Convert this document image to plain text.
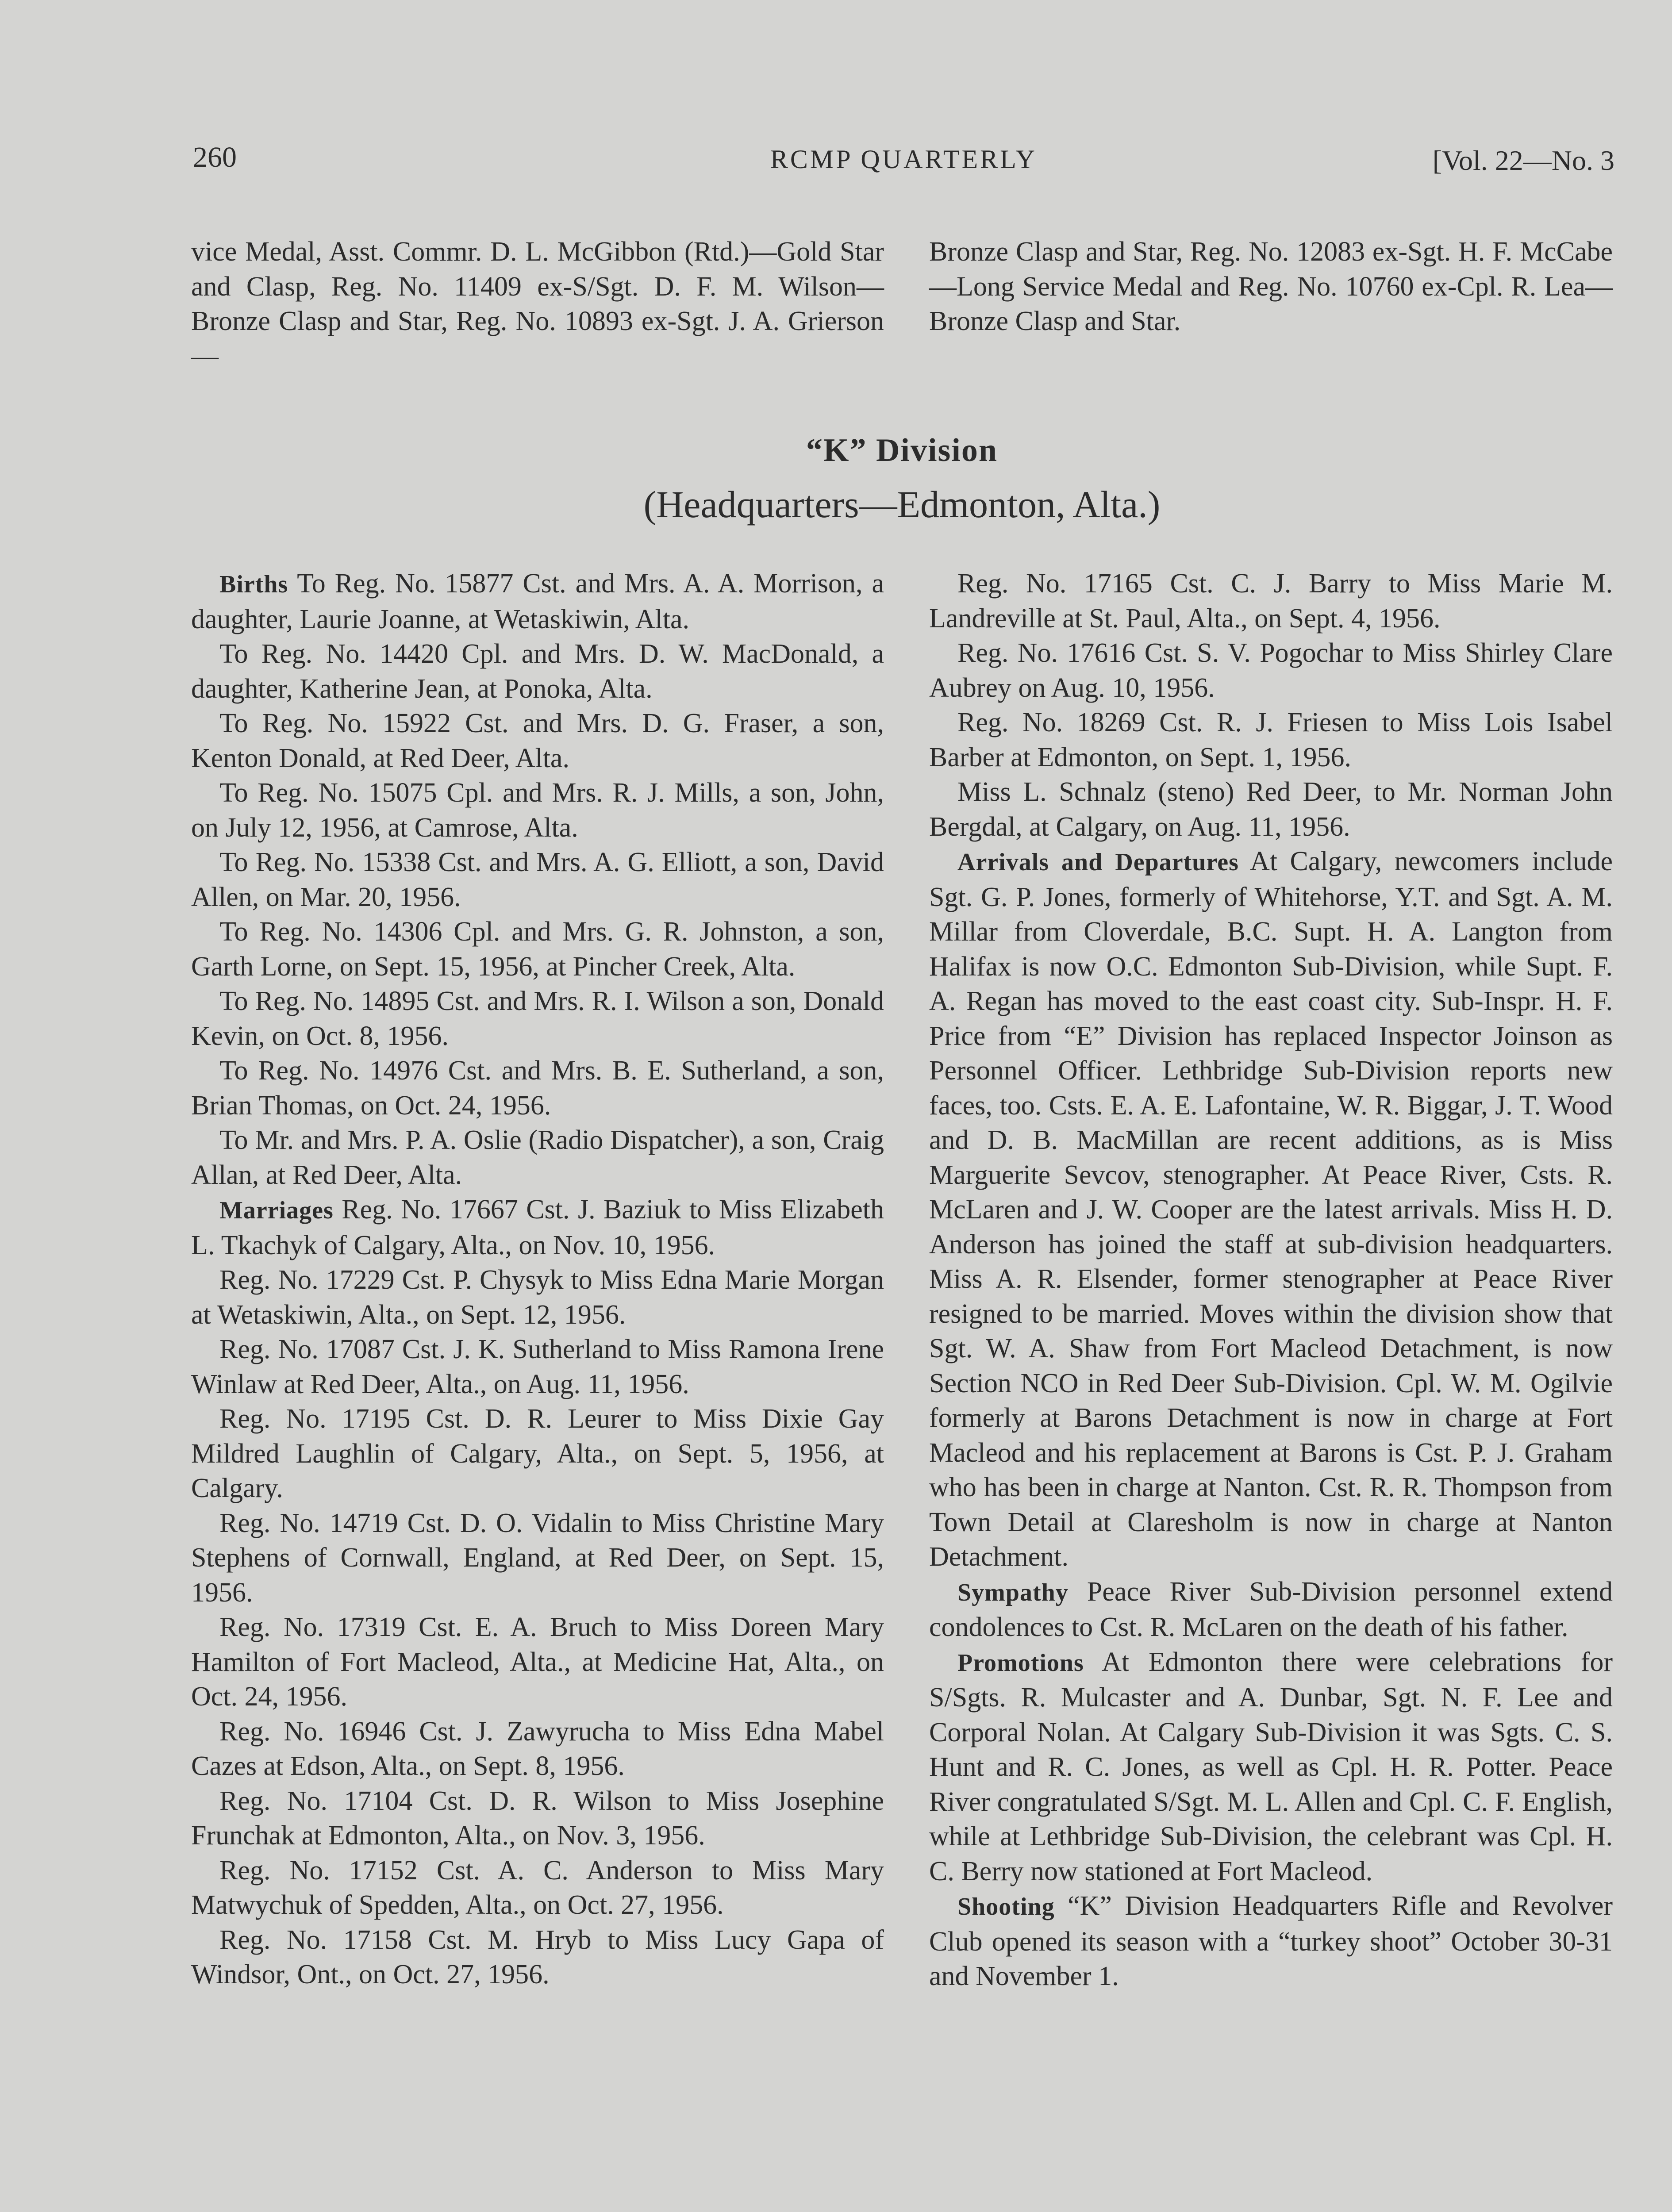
260	RCMP QUARTERLY	[Vol. 22—No. 3

vice Medal, Asst. Commr. D. L. McGibbon (Rtd.)—Gold Star and Clasp, Reg. No. 11409 ex-S/Sgt. D. F. M. Wilson—Bronze Clasp and Star, Reg. No. 10893 ex-Sgt. J. A. Grierson—

Bronze Clasp and Star, Reg. No. 12083 ex-Sgt. H. F. McCabe—Long Service Medal and Reg. No. 10760 ex-Cpl. R. Lea—Bronze Clasp and Star.

“K” Division
(Headquarters—Edmonton, Alta.)

Births To Reg. No. 15877 Cst. and Mrs. A. A. Morrison, a daughter, Laurie Joanne, at Wetaskiwin, Alta.

To Reg. No. 14420 Cpl. and Mrs. D. W. MacDonald, a daughter, Katherine Jean, at Ponoka, Alta.

To Reg. No. 15922 Cst. and Mrs. D. G. Fraser, a son, Kenton Donald, at Red Deer, Alta.

To Reg. No. 15075 Cpl. and Mrs. R. J. Mills, a son, John, on July 12, 1956, at Camrose, Alta.

To Reg. No. 15338 Cst. and Mrs. A. G. Elliott, a son, David Allen, on Mar. 20, 1956.

To Reg. No. 14306 Cpl. and Mrs. G. R. Johnston, a son, Garth Lorne, on Sept. 15, 1956, at Pincher Creek, Alta.

To Reg. No. 14895 Cst. and Mrs. R. I. Wilson a son, Donald Kevin, on Oct. 8, 1956.

To Reg. No. 14976 Cst. and Mrs. B. E. Sutherland, a son, Brian Thomas, on Oct. 24, 1956.

To Mr. and Mrs. P. A. Oslie (Radio Dispatcher), a son, Craig Allan, at Red Deer, Alta.

Marriages Reg. No. 17667 Cst. J. Baziuk to Miss Elizabeth L. Tkachyk of Calgary, Alta., on Nov. 10, 1956.

Reg. No. 17229 Cst. P. Chysyk to Miss Edna Marie Morgan at Wetaskiwin, Alta., on Sept. 12, 1956.

Reg. No. 17087 Cst. J. K. Sutherland to Miss Ramona Irene Winlaw at Red Deer, Alta., on Aug. 11, 1956.

Reg. No. 17195 Cst. D. R. Leurer to Miss Dixie Gay Mildred Laughlin of Calgary, Alta., on Sept. 5, 1956, at Calgary.

Reg. No. 14719 Cst. D. O. Vidalin to Miss Christine Mary Stephens of Cornwall, England, at Red Deer, on Sept. 15, 1956.

Reg. No. 17319 Cst. E. A. Bruch to Miss Doreen Mary Hamilton of Fort Macleod, Alta., at Medicine Hat, Alta., on Oct. 24, 1956.

Reg. No. 16946 Cst. J. Zawyrucha to Miss Edna Mabel Cazes at Edson, Alta., on Sept. 8, 1956.

Reg. No. 17104 Cst. D. R. Wilson to Miss Josephine Frunchak at Edmonton, Alta., on Nov. 3, 1956.

Reg. No. 17152 Cst. A. C. Anderson to Miss Mary Matwychuk of Spedden, Alta., on Oct. 27, 1956.

Reg. No. 17158 Cst. M. Hryb to Miss Lucy Gapa of Windsor, Ont., on Oct. 27, 1956.

Reg. No. 17165 Cst. C. J. Barry to Miss Marie M. Landreville at St. Paul, Alta., on Sept. 4, 1956.

Reg. No. 17616 Cst. S. V. Pogochar to Miss Shirley Clare Aubrey on Aug. 10, 1956.

Reg. No. 18269 Cst. R. J. Friesen to Miss Lois Isabel Barber at Edmonton, on Sept. 1, 1956.

Miss L. Schnalz (steno) Red Deer, to Mr. Norman John Bergdal, at Calgary, on Aug. 11, 1956.

Arrivals and Departures At Calgary, newcomers include Sgt. G. P. Jones, formerly of Whitehorse, Y.T. and Sgt. A. M. Millar from Cloverdale, B.C. Supt. H. A. Langton from Halifax is now O.C. Edmonton Sub-Division, while Supt. F. A. Regan has moved to the east coast city. Sub-Inspr. H. F. Price from “E” Division has replaced Inspector Joinson as Personnel Officer. Lethbridge Sub-Division reports new faces, too. Csts. E. A. E. Lafontaine, W. R. Biggar, J. T. Wood and D. B. MacMillan are recent additions, as is Miss Marguerite Sevcov, stenographer. At Peace River, Csts. R. McLaren and J. W. Cooper are the latest arrivals. Miss H. D. Anderson has joined the staff at sub-division headquarters. Miss A. R. Elsender, former stenographer at Peace River resigned to be married. Moves within the division show that Sgt. W. A. Shaw from Fort Macleod Detachment, is now Section NCO in Red Deer Sub-Division. Cpl. W. M. Ogilvie formerly at Barons Detachment is now in charge at Fort Macleod and his replacement at Barons is Cst. P. J. Graham who has been in charge at Nanton. Cst. R. R. Thompson from Town Detail at Claresholm is now in charge at Nanton Detachment.

Sympathy Peace River Sub-Division personnel extend condolences to Cst. R. McLaren on the death of his father.

Promotions At Edmonton there were celebrations for S/Sgts. R. Mulcaster and A. Dunbar, Sgt. N. F. Lee and Corporal Nolan. At Calgary Sub-Division it was Sgts. C. S. Hunt and R. C. Jones, as well as Cpl. H. R. Potter. Peace River congratulated S/Sgt. M. L. Allen and Cpl. C. F. English, while at Lethbridge Sub-Division, the celebrant was Cpl. H. C. Berry now stationed at Fort Macleod.

Shooting “K” Division Headquarters Rifle and Revolver Club opened its season with a “turkey shoot” October 30-31 and November 1.
